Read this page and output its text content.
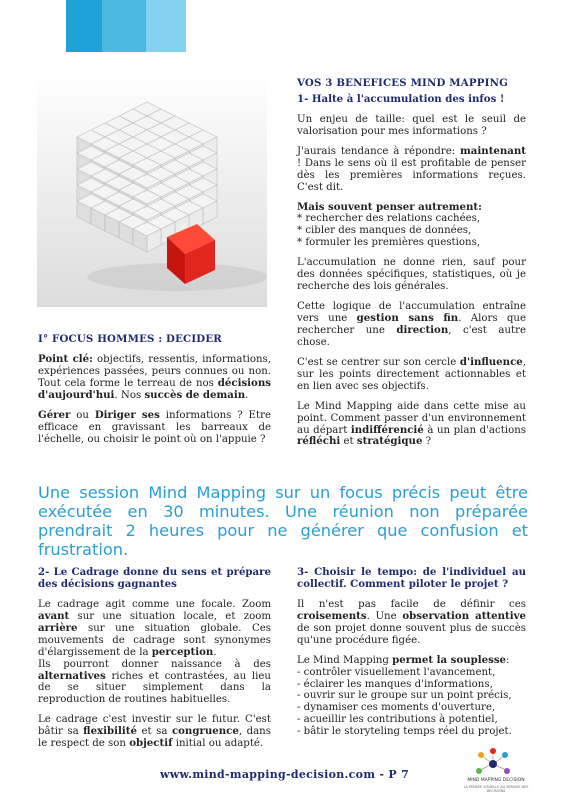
I° FOCUS HOMMES : DECIDER

Point clé: objectifs, ressentis, informations, expériences passées, peurs connues ou non. Tout cela forme le terreau de nos décisions d'aujourd'hui. Nos succès de demain.

Gérer ou Diriger ses informations ? Etre efficace en gravissant les barreaux de l'échelle, ou choisir le point où on l'appuie ?

VOS 3 BENEFICES MIND MAPPING

1- Halte à l'accumulation des infos !

Un enjeu de taille: quel est le seuil de valorisation pour mes informations ?

J'aurais tendance à répondre: maintenant ! Dans le sens où il est profitable de penser dès les premières informations reçues. C'est dit.

Mais souvent penser autrement:

* rechercher des relations cachées,
* cibler des manques de données,
* formuler les premières questions,

L'accumulation ne donne rien, sauf pour des données spécifiques, statistiques, où je recherche des lois générales.

Cette logique de l'accumulation entraîne vers une gestion sans fin. Alors que rechercher une direction, c'est autre chose.

C'est se centrer sur son cercle d'influence, sur les points directement actionnables et en lien avec ses objectifs.

Le Mind Mapping aide dans cette mise au point. Comment passer d'un environnement au départ indifférencié à un plan d'actions réfléchi et stratégique ?

Une session Mind Mapping sur un focus précis peut être exécutée en 30 minutes. Une réunion non préparée prendrait 2 heures pour ne générer que confusion et frustration.

2- Le Cadrage donne du sens et prépare des décisions gagnantes

Le cadrage agit comme une focale. Zoom avant sur une situation locale, et zoom arrière sur une situation globale. Ces mouvements de cadrage sont synonymes d'élargissement de la perception.

Ils pourront donner naissance à des alternatives riches et contrastées, au lieu de se situer simplement dans la reproduction de routines habituelles.

Le cadrage c'est investir sur le futur. C'est bâtir sa flexibilité et sa congruence, dans le respect de son objectif initial ou adapté.

3- Choisir le tempo: de l'individuel au collectif. Comment piloter le projet ?

Il n'est pas facile de définir ces croisements. Une observation attentive de son projet donne souvent plus de succès qu'une procédure figée.

Le Mind Mapping permet la souplesse:

- contrôler visuellement l'avancement,
- éclairer les manques d'informations,
- ouvrir sur le groupe sur un point précis,
- dynamiser ces moments d'ouverture,
- acueillir les contributions à potentiel,
- bâtir le storyteling temps réel du projet.
www.mind-mapping-decision.com - P 7	MIND MAPPING DECISION
LA PENSEE VISUELLE AU SERVICE DES DECISIONS
